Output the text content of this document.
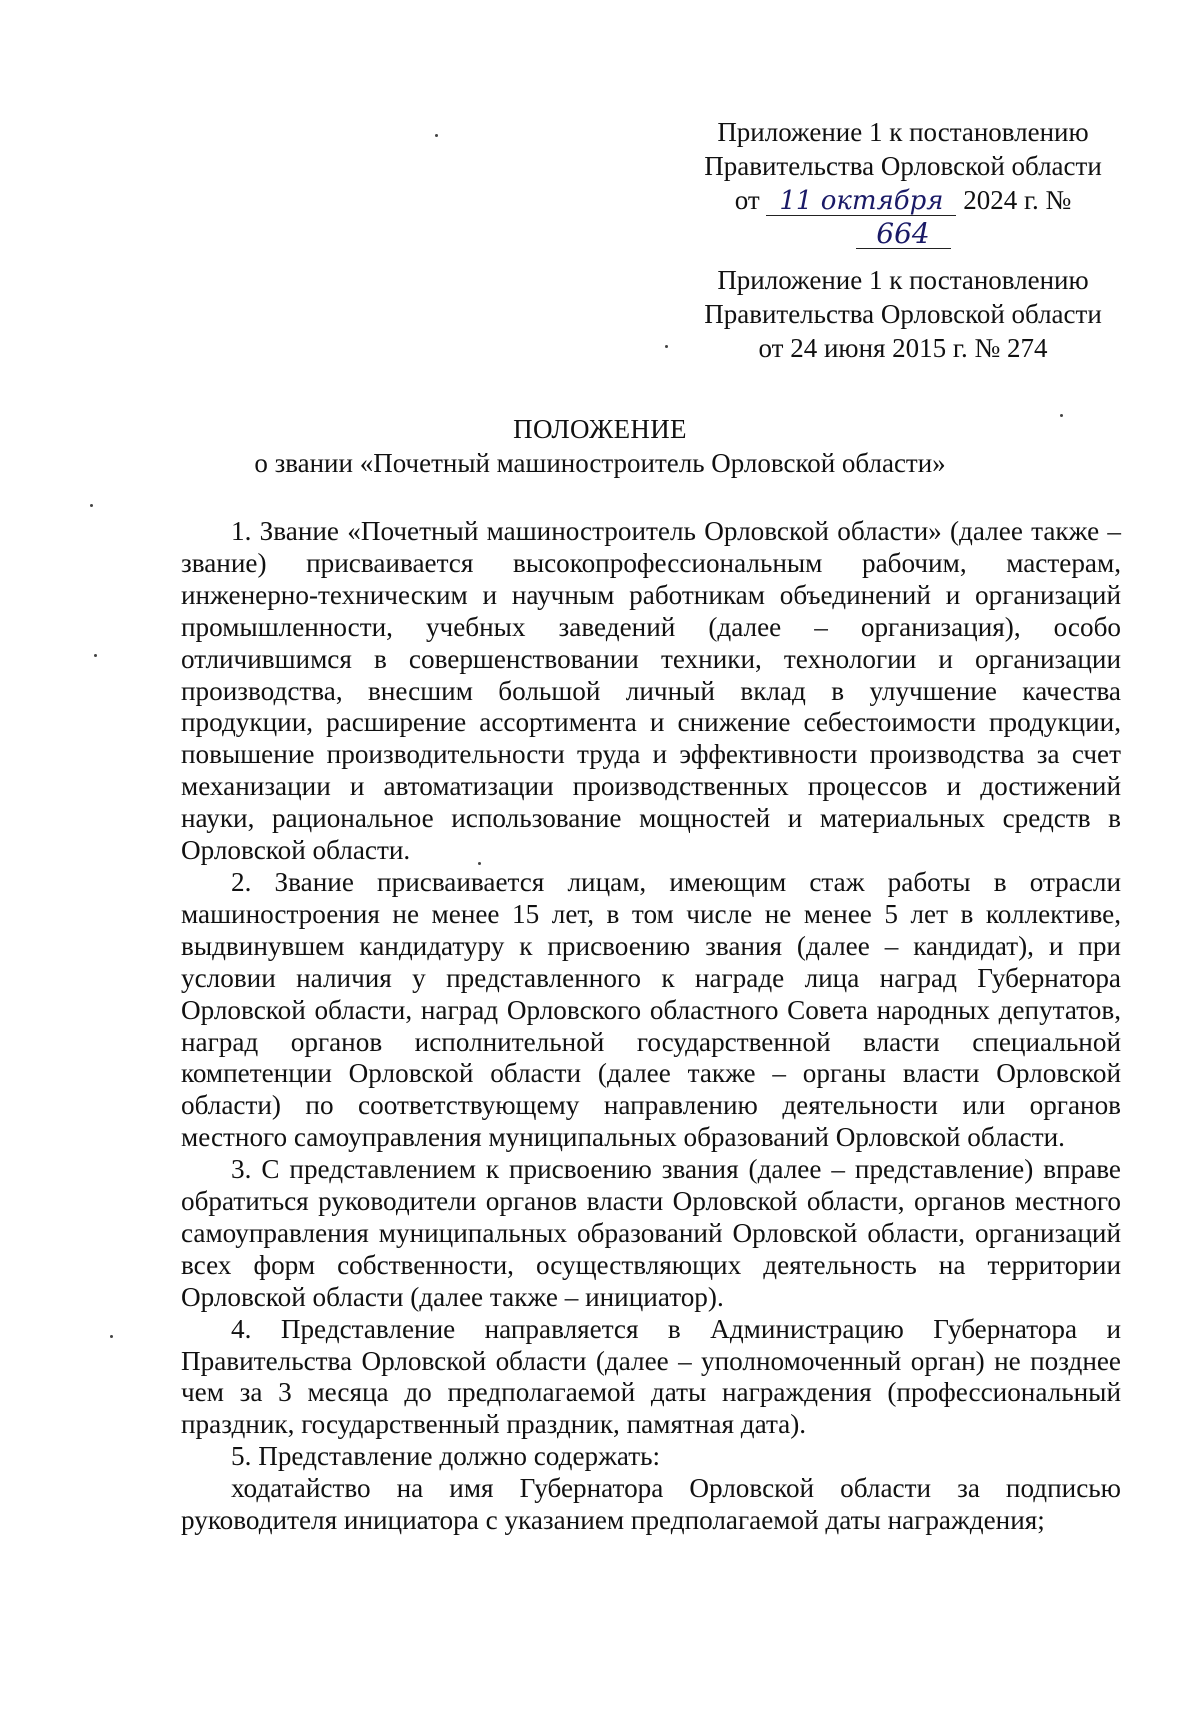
Приложение 1 к постановлению
Правительства Орловской области
от 11 октября 2024 г. № 664
Приложение 1 к постановлению
Правительства Орловской области
от 24 июня 2015 г. № 274
ПОЛОЖЕНИЕ
о звании «Почетный машиностроитель Орловской области»

1. Звание «Почетный машиностроитель Орловской области» (далее также – звание) присваивается высокопрофессиональным рабочим, мастерам, инженерно-техническим и научным работникам объединений и организаций промышленности, учебных заведений (далее – организация), особо отличившимся в совершенствовании техники, технологии и организации производства, внесшим большой личный вклад в улучшение качества продукции, расширение ассортимента и снижение себестоимости продукции, повышение производительности труда и эффективности производства за счет механизации и автоматизации производственных процессов и достижений науки, рациональное использование мощностей и материальных средств в Орловской области.

2. Звание присваивается лицам, имеющим стаж работы в отрасли машиностроения не менее 15 лет, в том числе не менее 5 лет в коллективе, выдвинувшем кандидатуру к присвоению звания (далее – кандидат), и при условии наличия у представленного к награде лица наград Губернатора Орловской области, наград Орловского областного Совета народных депутатов, наград органов исполнительной государственной власти специальной компетенции Орловской области (далее также – органы власти Орловской области) по соответствующему направлению деятельности или органов местного самоуправления муниципальных образований Орловской области.

3. С представлением к присвоению звания (далее – представление) вправе обратиться руководители органов власти Орловской области, органов местного самоуправления муниципальных образований Орловской области, организаций всех форм собственности, осуществляющих деятельность на территории Орловской области (далее также – инициатор).

4. Представление направляется в Администрацию Губернатора и Правительства Орловской области (далее – уполномоченный орган) не позднее чем за 3 месяца до предполагаемой даты награждения (профессиональный праздник, государственный праздник, памятная дата).

5. Представление должно содержать:

ходатайство на имя Губернатора Орловской области за подписью руководителя инициатора с указанием предполагаемой даты награждения;
